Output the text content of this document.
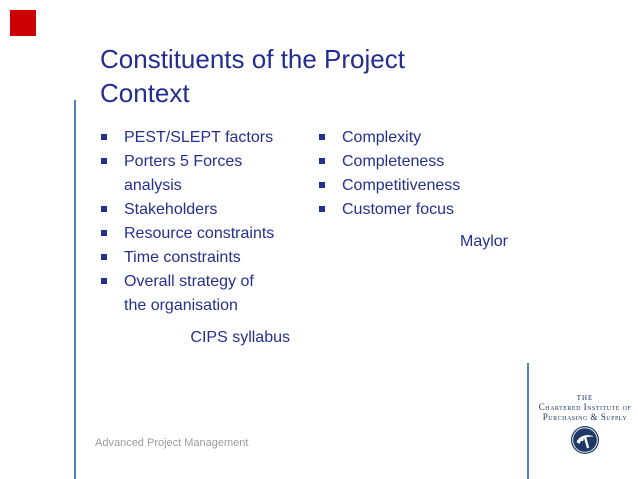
Constituents of the Project
Context
PEST/SLEPT factors
Porters 5 Forces analysis
Stakeholders
Resource constraints
Time constraints
Overall strategy of the organisation
CIPS syllabus
Complexity
Completeness
Competitiveness
Customer focus
Maylor
Advanced Project Management
THE
Chartered Institute of
Purchasing & Supply
